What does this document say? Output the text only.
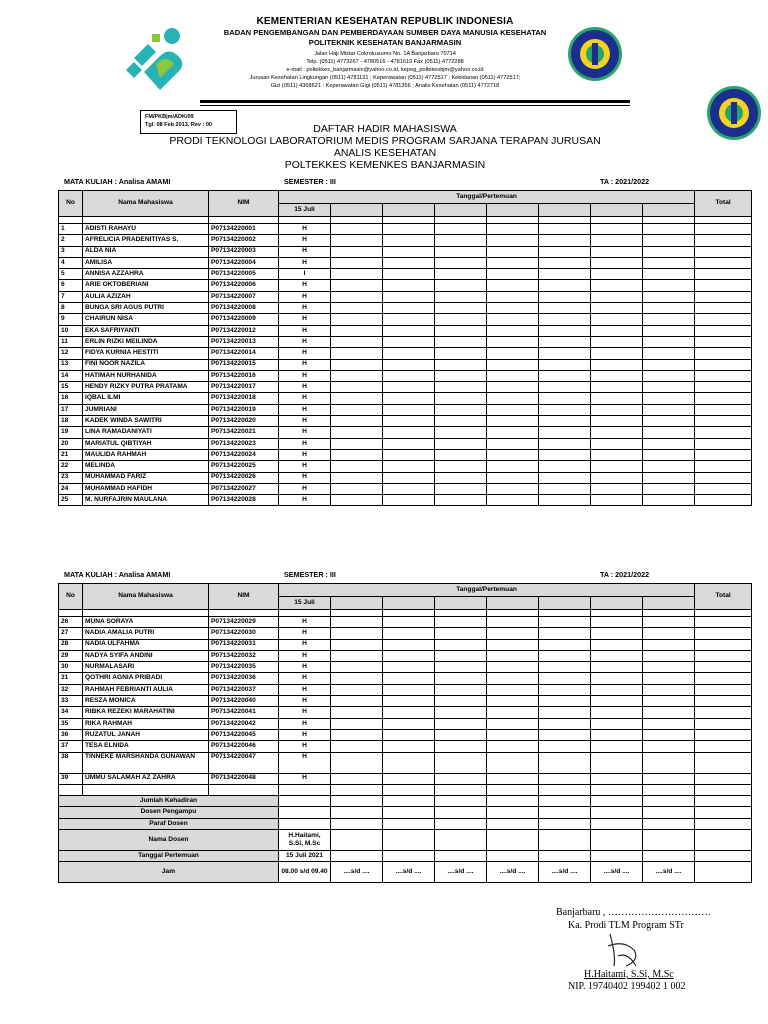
KEMENTERIAN KESEHATAN REPUBLIK INDONESIA
BADAN PENGEMBANGAN DAN PEMBERDAYAAN SUMBER DAYA MANUSIA KESEHATAN
POLITEKNIK KESEHATAN BANJARMASIN
Jalan Haji Mistar Cokrokusumo No. 1A Banjarbaru 70714
Telp. (0511) 4773267 - 4780516 - 4781619 Fax (0511) 4772288
e-mail : poltekkes_banjarmasin@yahoo.co.id, kepeg_poltekesbjm@yahoo.co.id
Jurusan Kesehatan Lingkungan (0511) 4781131 ; Keperawatan (0511) 4772517 ; Kebidanan (0511) 4772517;
Gizi (0511) 4368621 : Keperawatan Gigi (0511) 4781356 ; Analis Kesehatan (0511) 4772718
FM/PKBjm/ADK/09
Tgl: 08 Feb 2013, Rev : 00	DAFTAR HADIR MAHASISWA
PRODI TEKNOLOGI LABORATORIUM MEDIS PROGRAM SARJANA TERAPAN JURUSAN ANALIS KESEHATAN
POLTEKKES KEMENKES BANJARMASIN
MATA KULIAH : Analisa AMAMI	SEMESTER : III	TA : 2021/2022
No	Nama Mahasiswa	NIM	Tanggal/Pertemuan								Total
			15 Juli								

1	ADISTI RAHAYU	P07134220001	H								
2	AFRELICIA PRADENITIYAS S.	P07134220002	H								
3	ALDA NIA	P07134220003	H								
4	AMILISA	P07134220004	H								
5	ANNISA AZZAHRA	P07134220005	I								
6	ARIE OKTOBERIANI	P07134220006	H								
7	AULIA AZIZAH	P07134220007	H								
8	BUNGA SRI AGUS PUTRI	P07134220008	H								
9	CHAIRUN NISA	P07134220009	H								
10	EKA SAFRIYANTI	P07134220012	H								
11	ERLIN RIZKI MEILINDA	P07134220013	H								
12	FIDYA KURNIA HESTITI	P07134220014	H								
13	FINI NOOR NAZILA	P07134220015	H								
14	HATIMAH NURHANIDA	P07134220016	H								
15	HENDY RIZKY PUTRA PRATAMA	P07134220017	H								
16	IQBAL ILMI	P07134220018	H								
17	JUMRIANI	P07134220019	H								
18	KADEK WINDA SAWITRI	P07134220020	H								
19	LINA RAMADANIYATI	P07134220021	H								
20	MARIATUL QIBTIYAH	P07134220023	H								
21	MAULIDA RAHMAH	P07134220024	H								
22	MELINDA	P07134220025	H								
23	MUHAMMAD FARIZ	P07134220026	H								
24	MUHAMMAD HAFIDH	P07134220027	H								
25	M. NURFAJRIN MAULANA	P07134220028	H								
MATA KULIAH : Analisa AMAMI	SEMESTER : III	TA : 2021/2022
No	Nama Mahasiswa	NIM	Tanggal/Pertemuan								Total
			15 Juli								

26	MUNA SORAYA	P07134220029	H								
27	NADIA AMALIA PUTRI	P07134220030	H								
28	NADIA ULFAHMA	P07134220031	H								
29	NADYA SYIFA ANDINI	P07134220032	H								
30	NURMALASARI	P07134220035	H								
31	QOTHRI AGNIA PRIBADI	P07134220036	H								
32	RAHMAH FEBRIANTI AULIA	P07134220037	H								
33	RESZA MONICA	P07134220040	H								
34	RIBKA REZEKI MARAHATINI	P07134220041	H								
35	RIKA RAHMAH	P07134220042	H								
36	RUZATUL JANAH	P07134220045	H								
37	TESA ELNIDA	P07134220046	H								
38	TINNEKE MARSHANDA GUNAWAN	P07134220047	H								
39	UMMU SALAMAH AZ ZAHRA	P07134220048	H								

Jumlah Kehadiran											
Dosen Pengampu											
Paraf Dosen											
Nama Dosen			H.Haitami, S.Si, M.Sc								
Tanggal Pertemuan			15 Juli 2021								
Jam			08.00 s/d 09.40	....s/d ....	....s/d ....	....s/d ....	....s/d ....	....s/d ....	....s/d ....	....s/d ....	
Banjarbaru , ………………………….
Ka. Prodi TLM Program STr
H.Haitami, S.Si, M.Sc
NIP. 19740402 199402 1 002
